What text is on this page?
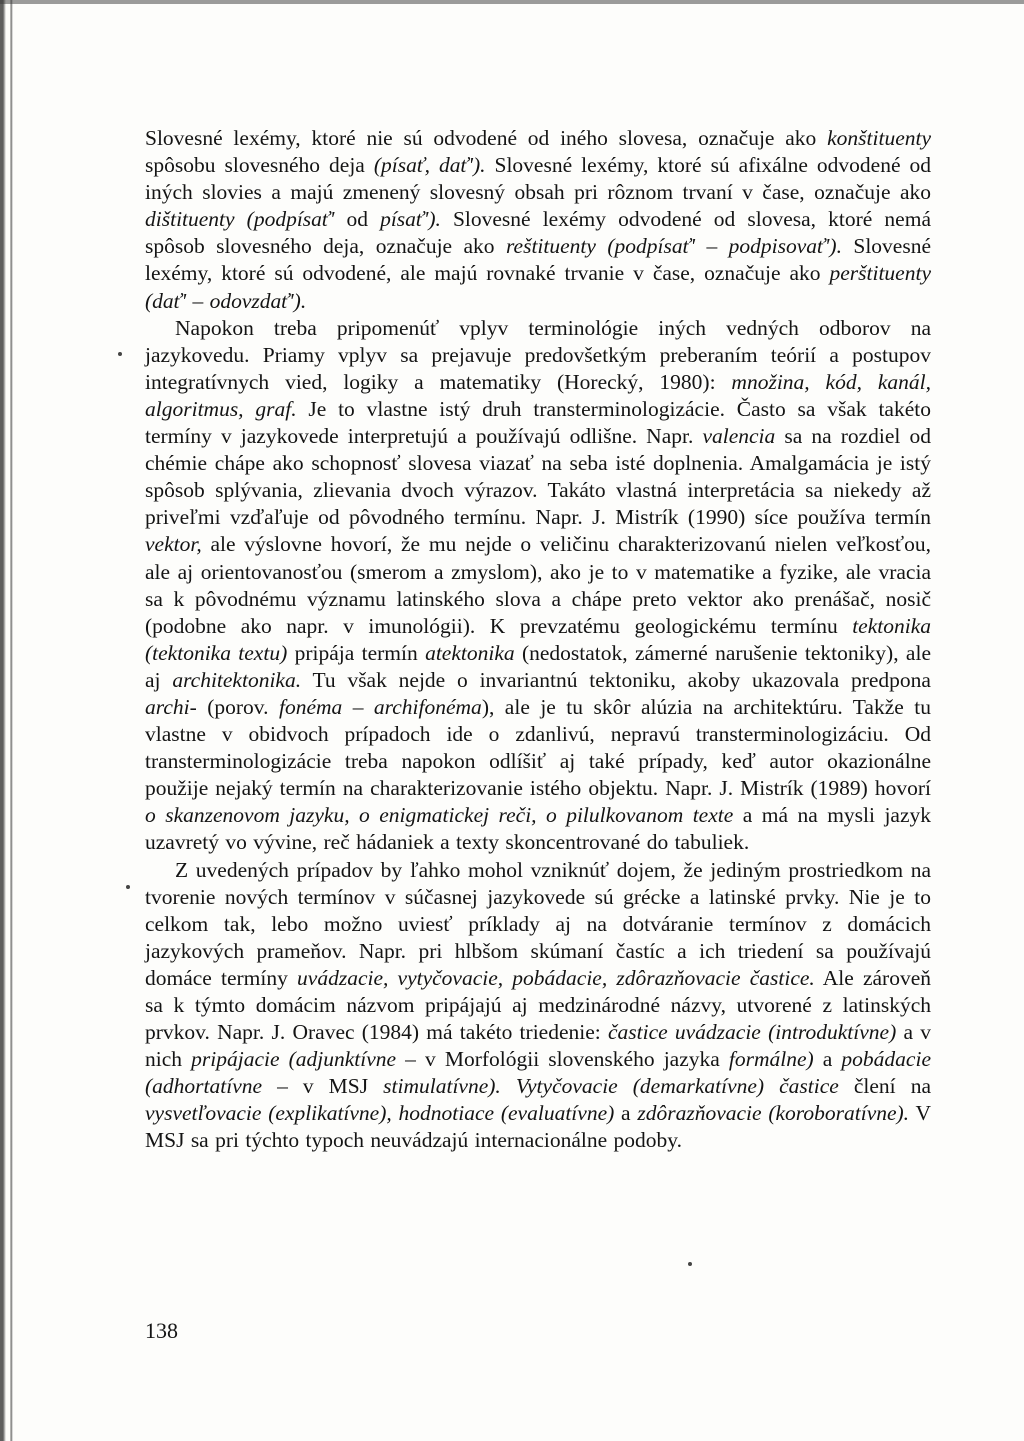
Slovesné lexémy, ktoré nie sú odvodené od iného slovesa, označuje ako konštituenty spôsobu slovesného deja (písať, dať'). Slovesné lexémy, ktoré sú afixálne odvodené od iných slovies a majú zmenený slovesný obsah pri rôznom trvaní v čase, označuje ako dištituenty (podpísať' od písať'). Slovesné lexémy odvodené od slovesa, ktoré nemá spôsob slovesného deja, označuje ako reštituenty (podpísať' – podpisovať'). Slovesné lexémy, ktoré sú odvodené, ale majú rovnaké trvanie v čase, označuje ako perštituenty (dať' – odovzdať').

Napokon treba pripomenúť vplyv terminológie iných vedných odborov na jazykovedu. Priamy vplyv sa prejavuje predovšetkým preberaním teórií a postupov integratívnych vied, logiky a matematiky (Horecký, 1980): množina, kód, kanál, algoritmus, graf. Je to vlastne istý druh transterminologizácie. Často sa však takéto termíny v jazykovede interpretujú a používajú odlišne. Napr. valencia sa na rozdiel od chémie chápe ako schopnosť slovesa viazať na seba isté doplnenia. Amalgamácia je istý spôsob splývania, zlievania dvoch výrazov. Takáto vlastná interpretácia sa niekedy až priveľmi vzďaľuje od pôvodného termínu. Napr. J. Mistrík (1990) síce používa termín vektor, ale výslovne hovorí, že mu nejde o veličinu charakterizovanú nielen veľkosťou, ale aj orientovanosťou (smerom a zmyslom), ako je to v matematike a fyzike, ale vracia sa k pôvodnému významu latinského slova a chápe preto vektor ako prenášač, nosič (podobne ako napr. v imunológii). K prevzatému geologickému termínu tektonika (tektonika textu) pripája termín atektonika (nedostatok, zámerné narušenie tektoniky), ale aj architektonika. Tu však nejde o invariantnú tektoniku, akoby ukazovala predpona archi- (porov. fonéma – archifonéma), ale je tu skôr alúzia na architektúru. Takže tu vlastne v obidvoch prípadoch ide o zdanlivú, nepravú transterminologizáciu. Od transterminologizácie treba napokon odlíšiť aj také prípady, keď autor okazionálne použije nejaký termín na charakterizovanie istého objektu. Napr. J. Mistrík (1989) hovorí o skanzenovom jazyku, o enigmatickej reči, o pilulkovanom texte a má na mysli jazyk uzavretý vo vývine, reč hádaniek a texty skoncentrované do tabuliek.

Z uvedených prípadov by ľahko mohol vzniknúť dojem, že jediným prostriedkom na tvorenie nových termínov v súčasnej jazykovede sú grécke a latinské prvky. Nie je to celkom tak, lebo možno uviesť príklady aj na dotváranie termínov z domácich jazykových prameňov. Napr. pri hlbšom skúmaní častíc a ich triedení sa používajú domáce termíny uvádzacie, vytyčovacie, pobádacie, zdôrazňovacie častice. Ale zároveň sa k týmto domácim názvom pripájajú aj medzinárodné názvy, utvorené z latinských prvkov. Napr. J. Oravec (1984) má takéto triedenie: častice uvádzacie (introduktívne) a v nich pripájacie (adjunktívne – v Morfológii slovenského jazyka formálne) a pobádacie (adhortatívne – v MSJ stimulatívne). Vytyčovacie (demarkatívne) častice člení na vysvetľovacie (explikatívne), hodnotiace (evaluatívne) a zdôrazňovacie (koroboratívne). V MSJ sa pri týchto typoch neuvádzajú internacionálne podoby.

138
